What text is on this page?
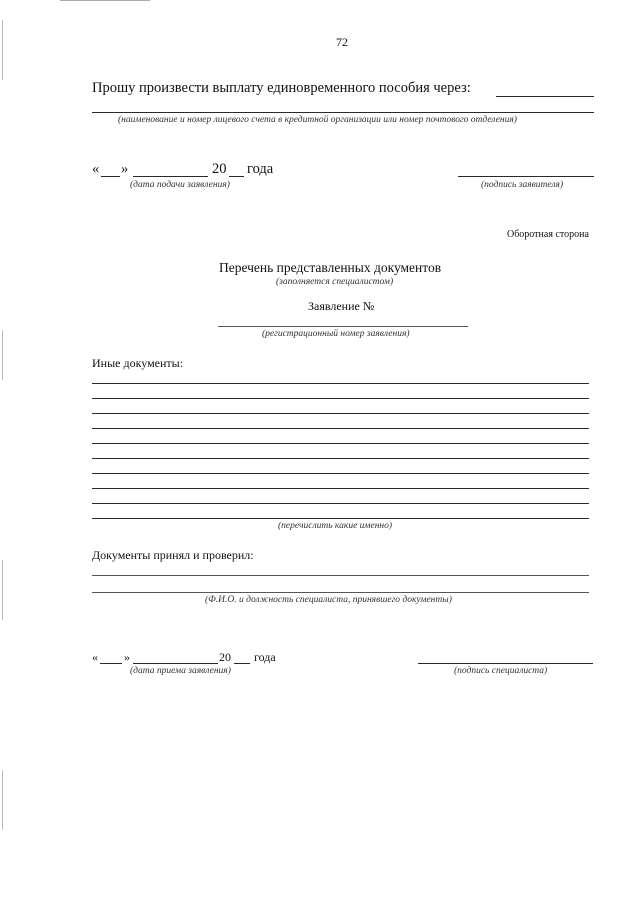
72
Прошу произвести выплату единовременного пособия через:
(наименование и номер лицевого счета в кредитной организации или номер почтового отделения)
« »	20 года
(дата подачи заявления)	(подпись заявителя)
Оборотная сторона
Перечень представленных документов
(заполняется специалистом)
Заявление №
(регистрационный номер заявления)
Иные документы:
(перечислить какие именно)
Документы принял и проверил:
(Ф.И.О. и должность специалиста, принявшего документы)
« »	20 года
(дата приема заявления)	(подпись специалиста)
